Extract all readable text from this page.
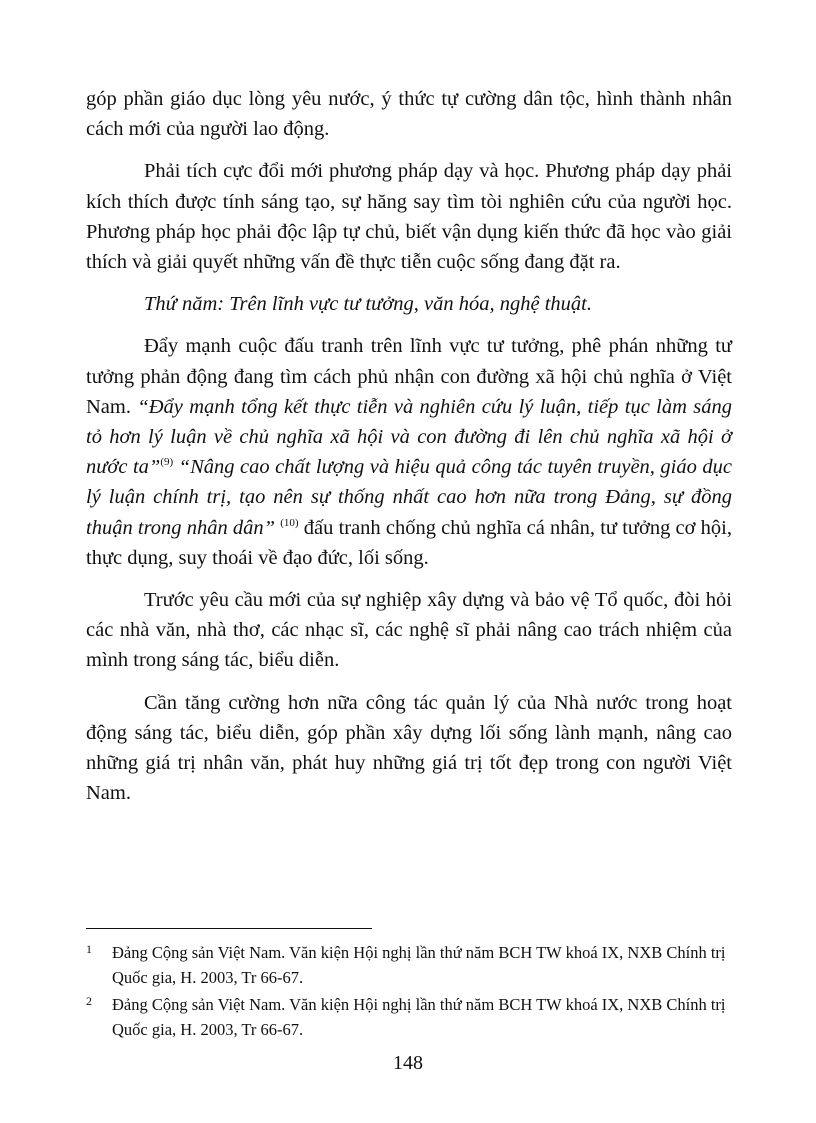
góp phần giáo dục lòng yêu nước, ý thức tự cường dân tộc, hình thành nhân cách mới của người lao động.

Phải tích cực đổi mới phương pháp dạy và học. Phương pháp dạy phải kích thích được tính sáng tạo, sự hăng say tìm tòi nghiên cứu của người học. Phương pháp học phải độc lập tự chủ, biết vận dụng kiến thức đã học vào giải thích và giải quyết những vấn đề thực tiễn cuộc sống đang đặt ra.

Thứ năm: Trên lĩnh vực tư tưởng, văn hóa, nghệ thuật.

Đẩy mạnh cuộc đấu tranh trên lĩnh vực tư tưởng, phê phán những tư tưởng phản động đang tìm cách phủ nhận con đường xã hội chủ nghĩa ở Việt Nam. “Đẩy mạnh tổng kết thực tiễn và nghiên cứu lý luận, tiếp tục làm sáng tỏ hơn lý luận về chủ nghĩa xã hội và con đường đi lên chủ nghĩa xã hội ở nước ta”$^{(9)}$ “Nâng cao chất lượng và hiệu quả công tác tuyên truyền, giáo dục lý luận chính trị, tạo nên sự thống nhất cao hơn nữa trong Đảng, sự đồng thuận trong nhân dân” $^{(10)}$ đấu tranh chống chủ nghĩa cá nhân, tư tưởng cơ hội, thực dụng, suy thoái về đạo đức, lối sống.

Trước yêu cầu mới của sự nghiệp xây dựng và bảo vệ Tổ quốc, đòi hỏi các nhà văn, nhà thơ, các nhạc sĩ, các nghệ sĩ phải nâng cao trách nhiệm của mình trong sáng tác, biểu diễn.

Cần tăng cường hơn nữa công tác quản lý của Nhà nước trong hoạt động sáng tác, biểu diễn, góp phần xây dựng lối sống lành mạnh, nâng cao những giá trị nhân văn, phát huy những giá trị tốt đẹp trong con người Việt Nam.

1 Đảng Cộng sản Việt Nam. Văn kiện Hội nghị lần thứ năm BCH TW khoá IX, NXB Chính trị Quốc gia, H. 2003, Tr 66-67.
2 Đảng Cộng sản Việt Nam. Văn kiện Hội nghị lần thứ năm BCH TW khoá IX, NXB Chính trị Quốc gia, H. 2003, Tr 66-67.
148
